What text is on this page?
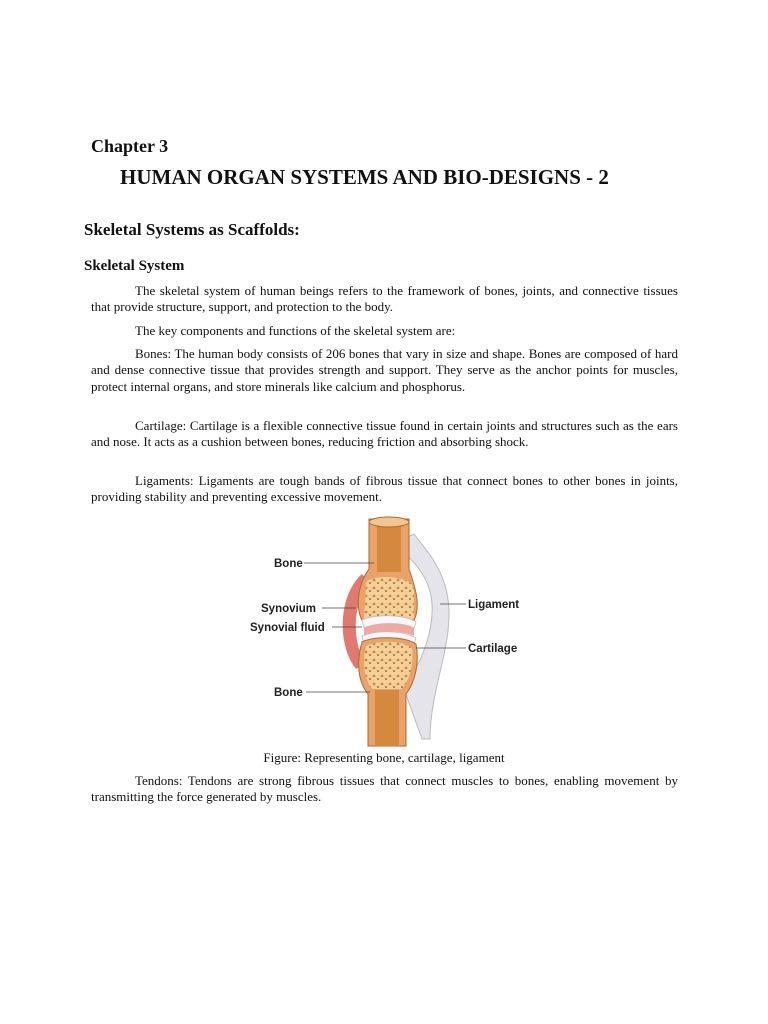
Chapter 3
HUMAN ORGAN SYSTEMS AND BIO-DESIGNS - 2
Skeletal Systems as Scaffolds:
Skeletal System

The skeletal system of human beings refers to the framework of bones, joints, and connective tissues that provide structure, support, and protection to the body.

The key components and functions of the skeletal system are:

Bones: The human body consists of 206 bones that vary in size and shape. Bones are composed of hard and dense connective tissue that provides strength and support. They serve as the anchor points for muscles, protect internal organs, and store minerals like calcium and phosphorus.

Cartilage: Cartilage is a flexible connective tissue found in certain joints and structures such as the ears and nose. It acts as a cushion between bones, reducing friction and absorbing shock.

Ligaments: Ligaments are tough bands of fibrous tissue that connect bones to other bones in joints, providing stability and preventing excessive movement.

Bone
Synovium
Synovial fluid
Bone
Ligament
Cartilage
Figure: Representing bone, cartilage, ligament

Tendons: Tendons are strong fibrous tissues that connect muscles to bones, enabling movement by transmitting the force generated by muscles.
